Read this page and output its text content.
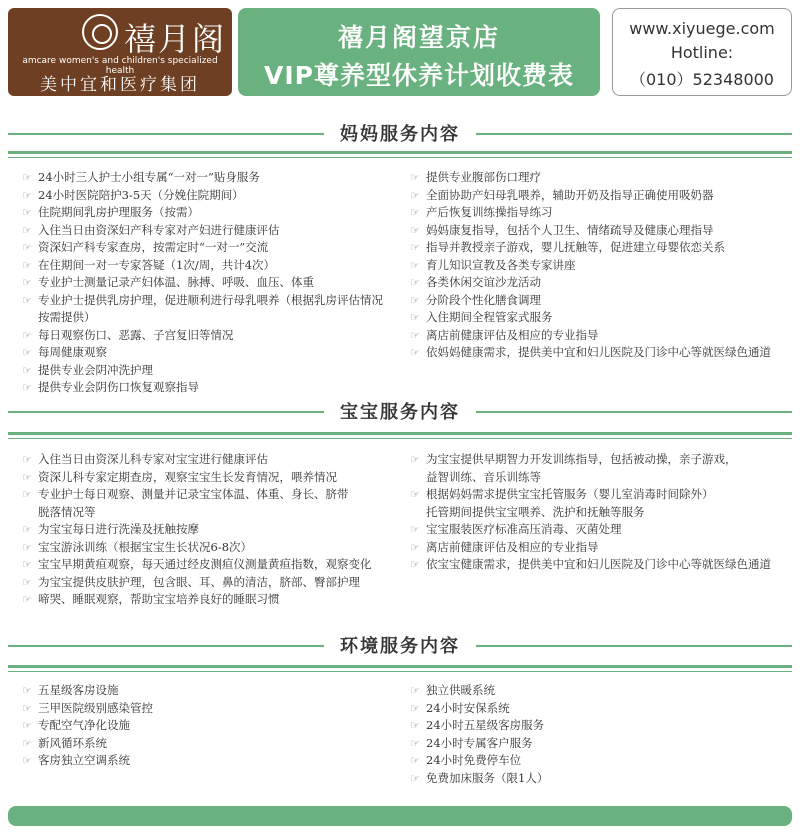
禧月阁
amcare women's and children's specialized health
美中宜和医疗集团
禧月阁望京店
VIP尊养型休养计划收费表
www.xiyuege.com
Hotline:
（010）52348000
妈妈服务内容
☞ 24小时三人护士小组专属“一对一”贴身服务
☞ 24小时医院陪护3-5天（分娩住院期间）
☞ 住院期间乳房护理服务（按需）
☞ 入住当日由资深妇产科专家对产妇进行健康评估
☞ 资深妇产科专家查房，按需定时“一对一”交流
☞ 在住期间一对一专家答疑（1次/周，共计4次）
☞ 专业护士测量记录产妇体温、脉搏、呼吸、血压、体重
☞ 专业护士提供乳房护理，促进顺利进行母乳喂养（根据乳房评估情况
按需提供）
☞ 每日观察伤口、恶露、子宫复旧等情况
☞ 每周健康观察
☞ 提供专业会阴冲洗护理
☞ 提供专业会阴伤口恢复观察指导
☞ 提供专业腹部伤口理疗
☞ 全面协助产妇母乳喂养，辅助开奶及指导正确使用吸奶器
☞ 产后恢复训练操指导练习
☞ 妈妈康复指导，包括个人卫生、情绪疏导及健康心理指导
☞ 指导并教授亲子游戏，婴儿抚触等，促进建立母婴依恋关系
☞ 育儿知识宣教及各类专家讲座
☞ 各类休闲交谊沙龙活动
☞ 分阶段个性化膳食调理
☞ 入住期间全程管家式服务
☞ 离店前健康评估及相应的专业指导
☞ 依妈妈健康需求，提供美中宜和妇儿医院及门诊中心等就医绿色通道
宝宝服务内容
☞ 入住当日由资深儿科专家对宝宝进行健康评估
☞ 资深儿科专家定期查房，观察宝宝生长发育情况，喂养情况
☞ 专业护士每日观察、测量并记录宝宝体温、体重、身长、脐带
脱落情况等
☞ 为宝宝每日进行洗澡及抚触按摩
☞ 宝宝游泳训练（根据宝宝生长状况6-8次）
☞ 宝宝早期黄疸观察，每天通过经皮测疸仪测量黄疸指数，观察变化
☞ 为宝宝提供皮肤护理，包含眼、耳、鼻的清洁，脐部、臀部护理
☞ 啼哭、睡眠观察，帮助宝宝培养良好的睡眠习惯
☞ 为宝宝提供早期智力开发训练指导，包括被动操，亲子游戏，
益智训练、音乐训练等
☞ 根据妈妈需求提供宝宝托管服务（婴儿室消毒时间除外）
托管期间提供宝宝喂养、洗护和抚触等服务
☞ 宝宝服装医疗标准高压消毒、灭菌处理
☞ 离店前健康评估及相应的专业指导
☞ 依宝宝健康需求，提供美中宜和妇儿医院及门诊中心等就医绿色通道
环境服务内容
☞ 五星级客房设施
☞ 三甲医院级别感染管控
☞ 专配空气净化设施
☞ 新风循环系统
☞ 客房独立空调系统
☞ 独立供暖系统
☞ 24小时安保系统
☞ 24小时五星级客房服务
☞ 24小时专属客户服务
☞ 24小时免费停车位
☞ 免费加床服务（限1人）
